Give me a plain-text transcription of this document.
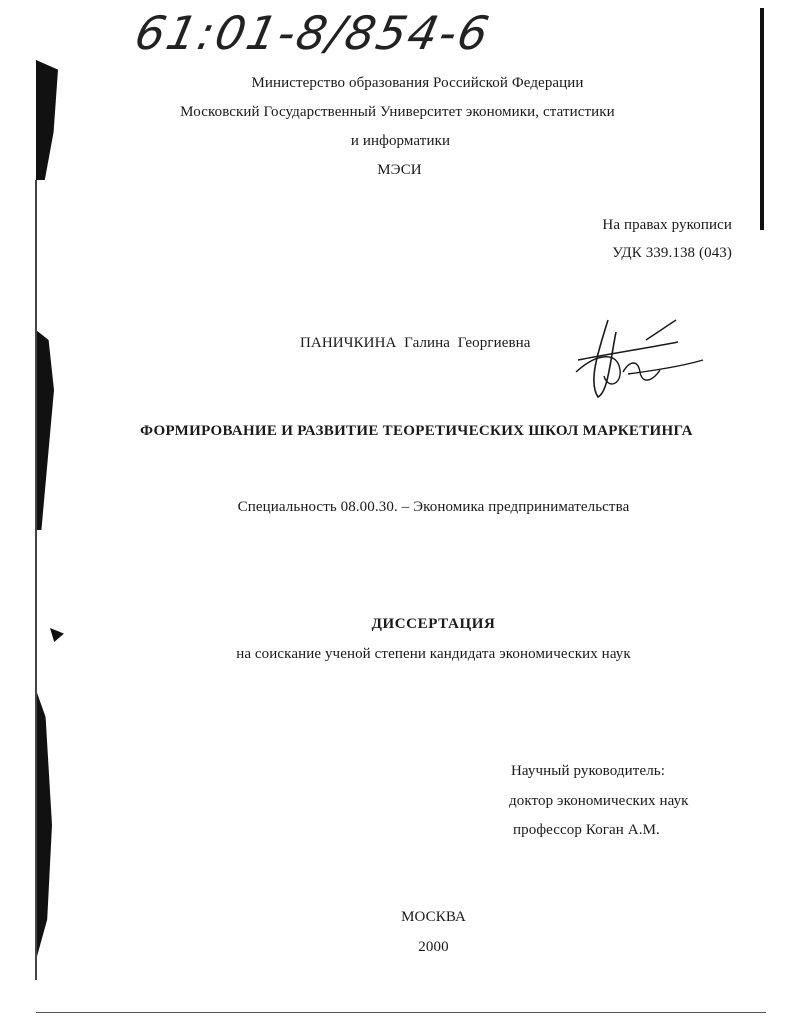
61:01-8/854-6
Министерство образования Российской Федерации
Московский Государственный Университет экономики, статистики
и информатики
МЭСИ
На правах рукописи
УДК 339.138 (043)
ПАНИЧКИНА  Галина  Георгиевна
ФОРМИРОВАНИЕ И РАЗВИТИЕ ТЕОРЕТИЧЕСКИХ ШКОЛ МАРКЕТИНГА
Специальность 08.00.30. – Экономика предпринимательства
ДИССЕРТАЦИЯ
на соискание ученой степени кандидата экономических наук
Научный руководитель:
доктор экономических наук
профессор Коган А.М.
МОСКВА
2000
